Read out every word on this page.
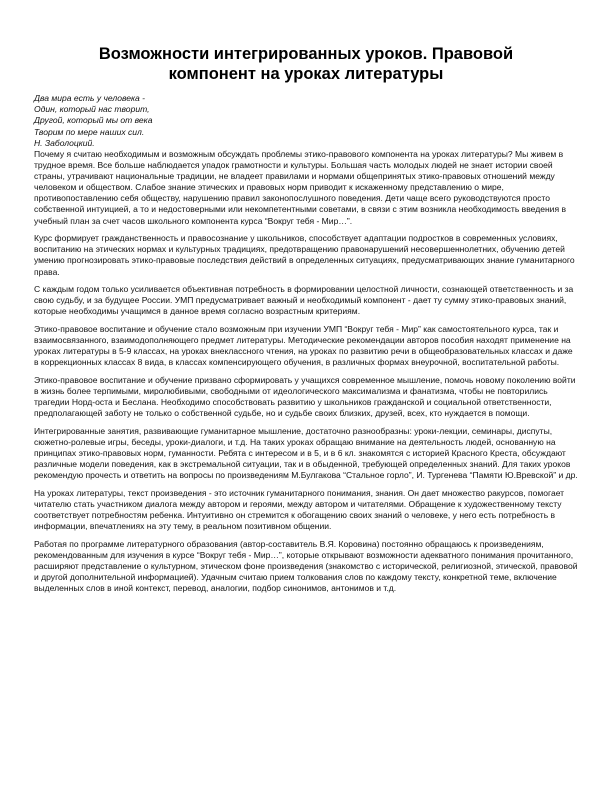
Возможности интегрированных уроков. Правовой
компонент на уроках литературы
Два мира есть у человека -
Один, который нас творит,
Другой, который мы от века
Творим по мере наших сил.
Н. Заболоцкий.

Почему я считаю необходимым и возможным обсуждать проблемы этико-правового компонента на уроках литературы? Мы живем в трудное время. Все больше наблюдается упадок грамотности и культуры. Большая часть молодых людей не знает истории своей страны, утрачивают национальные традиции, не владеет правилами и нормами общепринятых этико-правовых отношений между человеком и обществом. Слабое знание этических и правовых норм приводит к искаженному представлению о мире, противопоставлению себя обществу, нарушению правил законопослушного поведения. Дети чаще всего руководствуются просто собственной интуицией, а то и недостоверными или некомпетентными советами, в связи с этим возникла необходимость введения в учебный план за счет часов школьного компонента курса “Вокруг тебя - Мир…”.

Курс формирует гражданственность и правосознание у школьников, способствует адаптации подростков в современных условиях, воспитанию на этических нормах и культурных традициях, предотвращению правонарушений несовершеннолетних, обучению детей умению прогнозировать этико-правовые последствия действий в определенных ситуациях, предусматривающих знание гуманитарного права.

С каждым годом только усиливается объективная потребность в формировании целостной личности, сознающей ответственность и за свою судьбу, и за будущее России. УМП предусматривает важный и необходимый компонент - дает ту сумму этико-правовых знаний, которые необходимы учащимся в данное время согласно возрастным критериям.

Этико-правовое воспитание и обучение стало возможным при изучении УМП “Вокруг тебя - Мир” как самостоятельного курса, так и взаимосвязанного, взаимодополняющего предмет литературы. Методические рекомендации авторов пособия находят применение на уроках литературы в 5-9 классах, на уроках внеклассного чтения, на уроках по развитию речи в общеобразовательных классах и даже в коррекционных классах 8 вида, в классах компенсирующего обучения, в различных формах внеурочной, воспитательной работы.

Этико-правовое воспитание и обучение призвано сформировать у учащихся современное мышление, помочь новому поколению войти в жизнь более терпимыми, миролюбивыми, свободными от идеологического максимализма и фанатизма, чтобы не повторились трагедии Норд-оста и Беслана. Необходимо способствовать развитию у школьников гражданской и социальной ответственности, предполагающей заботу не только о собственной судьбе, но и судьбе своих близких, друзей, всех, кто нуждается в помощи.

Интегрированные занятия, развивающие гуманитарное мышление, достаточно разнообразны: уроки-лекции, семинары, диспуты, сюжетно-ролевые игры, беседы, уроки-диалоги, и т.д. На таких уроках обращаю внимание на деятельность людей, основанную на принципах этико-правовых норм, гуманности. Ребята с интересом и в 5, и в 6 кл. знакомятся с историей Красного Креста, обсуждают различные модели поведения, как в экстремальной ситуации, так и в обыденной, требующей определенных знаний. Для таких уроков рекомендую прочесть и ответить на вопросы по произведениям М.Булгакова “Стальное горло”, И. Тургенева “Памяти Ю.Вревской” и др.

На уроках литературы, текст произведения - это источник гуманитарного понимания, знания. Он дает множество ракурсов, помогает читателю стать участником диалога между автором и героями, между автором и читателями. Обращение к художественному тексту соответствует потребностям ребенка. Интуитивно он стремится к обогащению своих знаний о человеке, у него есть потребность в информации, впечатлениях на эту тему, в реальном позитивном общении.

Работая по программе литературного образования (автор-составитель В.Я. Коровина) постоянно обращаюсь к произведениям, рекомендованным для изучения в курсе “Вокруг тебя - Мир…”, которые открывают возможности адекватного понимания прочитанного, расширяют представление о культурном, этическом фоне произведения (знакомство с исторической, религиозной, этической, правовой и другой дополнительной информацией). Удачным считаю прием толкования слов по каждому тексту, конкретной теме, включение выделенных слов в иной контекст, перевод, аналогии, подбор синонимов, антонимов и т.д.
